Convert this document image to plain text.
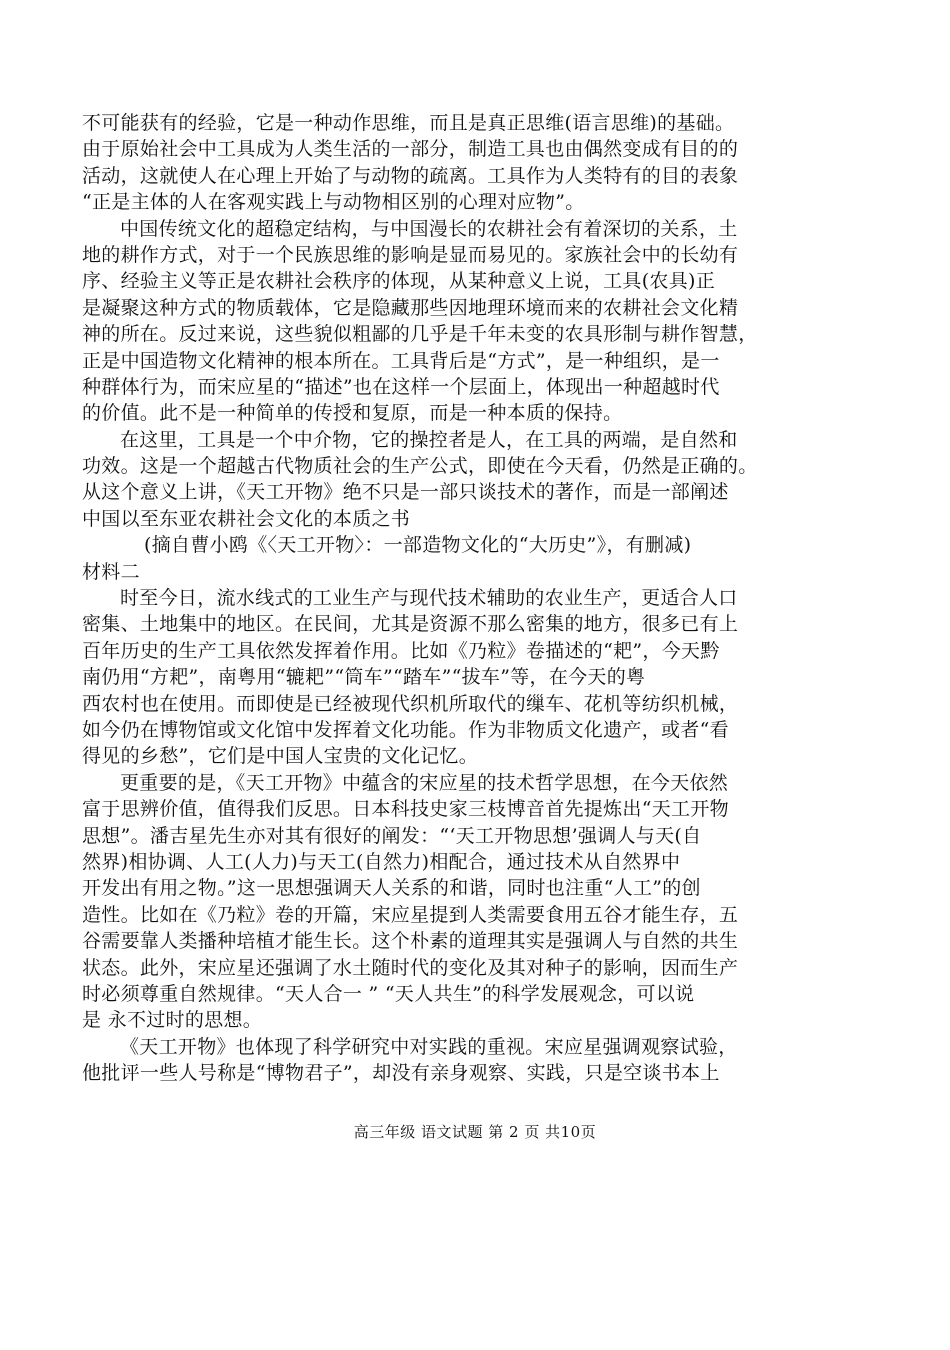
不可能获有的经验，它是一种动作思维，而且是真正思维(语言思维)的基础。
由于原始社会中工具成为人类生活的一部分，制造工具也由偶然变成有目的的
活动，这就使人在心理上开始了与动物的疏离。工具作为人类特有的目的表象
“正是主体的人在客观实践上与动物相区别的心理对应物”。
中国传统文化的超稳定结构，与中国漫长的农耕社会有着深切的关系，土
地的耕作方式，对于一个民族思维的影响是显而易见的。家族社会中的长幼有
序、经验主义等正是农耕社会秩序的体现，从某种意义上说，工具(农具)正
是凝聚这种方式的物质载体，它是隐藏那些因地理环境而来的农耕社会文化精
神的所在。反过来说，这些貌似粗鄙的几乎是千年未变的农具形制与耕作智慧，
正是中国造物文化精神的根本所在。工具背后是“方式”，是一种组织，是一
种群体行为，而宋应星的“描述”也在这样一个层面上，体现出一种超越时代
的价值。此不是一种简单的传授和复原，而是一种本质的保持。
在这里，工具是一个中介物，它的操控者是人，在工具的两端，是自然和
功效。这是一个超越古代物质社会的生产公式，即使在今天看，仍然是正确的。
从这个意义上讲，《天工开物》绝不只是一部只谈技术的著作，而是一部阐述
中国以至东亚农耕社会文化的本质之书
(摘自曹小鸥《〈天工开物〉：一部造物文化的“大历史”》，有删减)
材料二
时至今日，流水线式的工业生产与现代技术辅助的农业生产，更适合人口
密集、土地集中的地区。在民间，尤其是资源不那么密集的地方，很多已有上
百年历史的生产工具依然发挥着作用。比如《乃粒》卷描述的“耙”，今天黔
南仍用“方耙”，南粤用“辘耙”“筒车”“踏车”“拔车”等，在今天的粤
西农村也在使用。而即使是已经被现代织机所取代的缫车、花机等纺织机械，
如今仍在博物馆或文化馆中发挥着文化功能。作为非物质文化遗产，或者“看
得见的乡愁”，它们是中国人宝贵的文化记忆。
更重要的是，《天工开物》中蕴含的宋应星的技术哲学思想，在今天依然
富于思辨价值，值得我们反思。日本科技史家三枝博音首先提炼出“天工开物
思想”。潘吉星先生亦对其有很好的阐发：“‘天工开物思想’强调人与天(自
然界)相协调、人工(人力)与天工(自然力)相配合，通过技术从自然界中
开发出有用之物。”这一思想强调天人关系的和谐，同时也注重“人工”的创
造性。比如在《乃粒》卷的开篇，宋应星提到人类需要食用五谷才能生存，五
谷需要靠人类播种培植才能生长。这个朴素的道理其实是强调人与自然的共生
状态。此外，宋应星还强调了水土随时代的变化及其对种子的影响，因而生产
时必须尊重自然规律。“天人合一 ” “天人共生”的科学发展观念，可以说
是 永不过时的思想。
《天工开物》也体现了科学研究中对实践的重视。宋应星强调观察试验，
他批评一些人号称是“博物君子”，却没有亲身观察、实践，只是空谈书本上
高三年级 语文试题 第 2 页 共10页
